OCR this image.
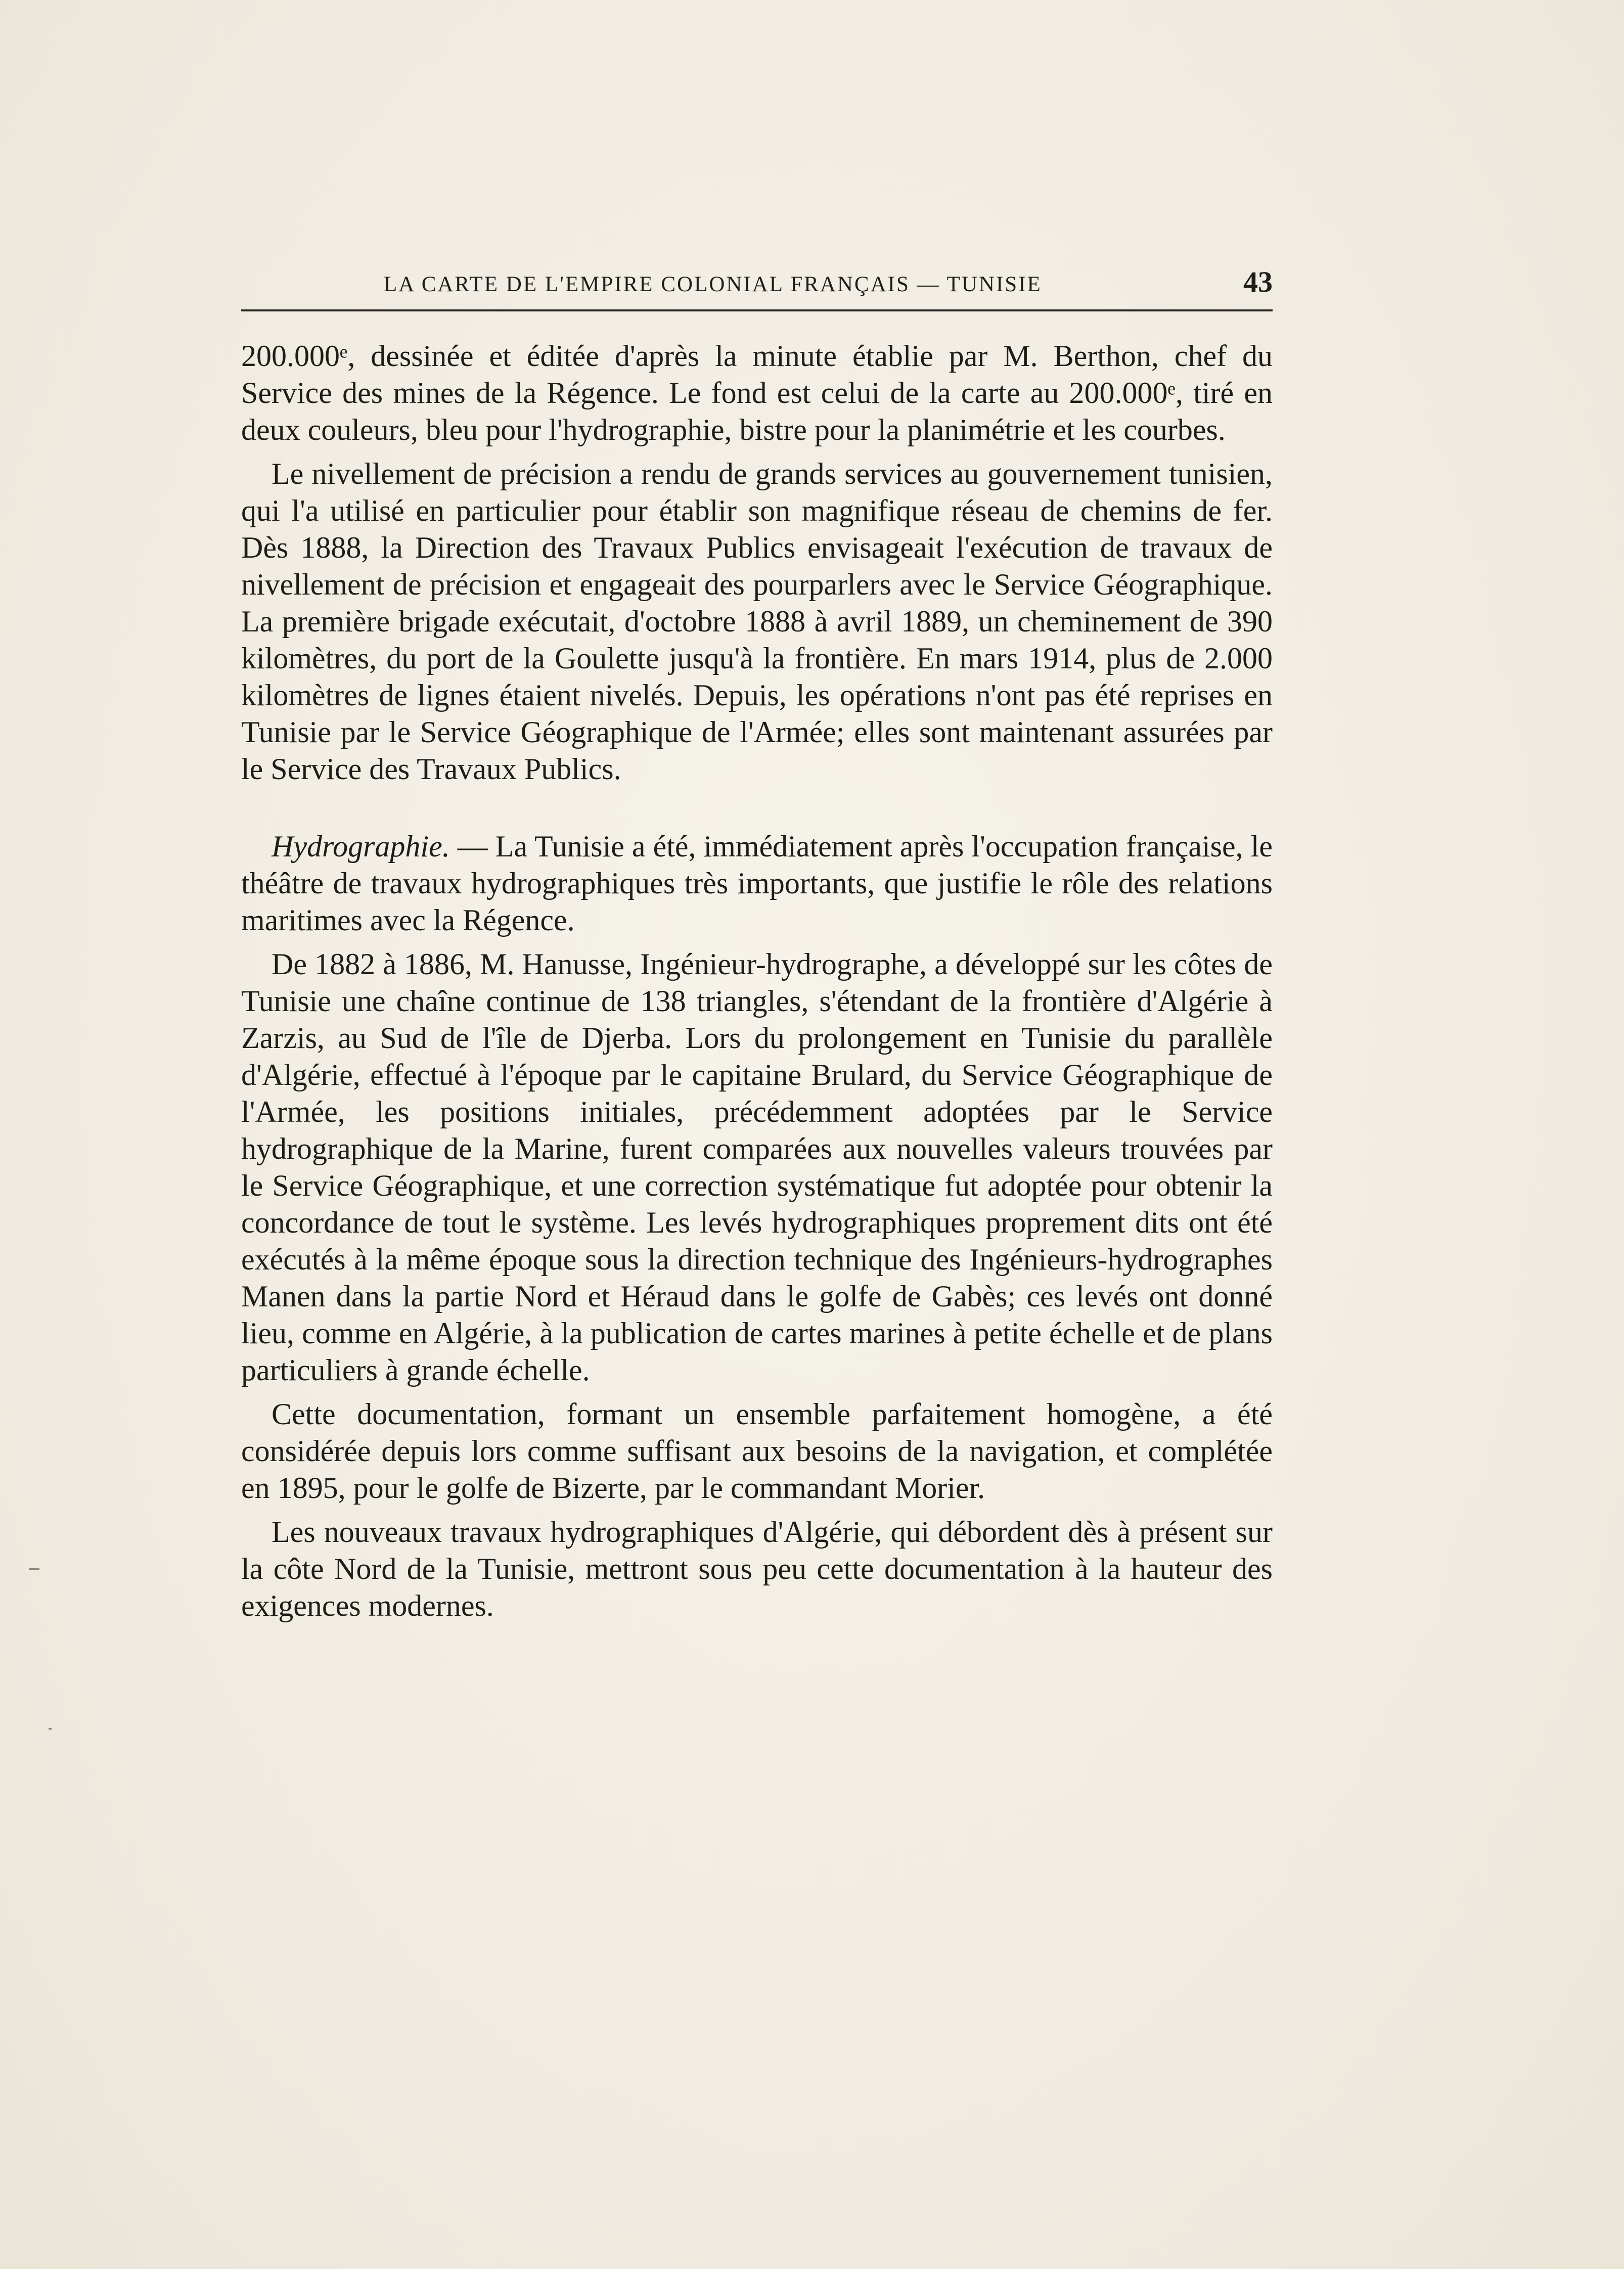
LA CARTE DE L'EMPIRE COLONIAL FRANÇAIS — TUNISIE	43

200.000ᵉ, dessinée et éditée d'après la minute établie par M. Berthon, chef du Service des mines de la Régence. Le fond est celui de la carte au 200.000ᵉ, tiré en deux couleurs, bleu pour l'hydrographie, bistre pour la planimétrie et les courbes.

Le nivellement de précision a rendu de grands services au gouvernement tunisien, qui l'a utilisé en particulier pour établir son magnifique réseau de chemins de fer. Dès 1888, la Direction des Travaux Publics envisageait l'exécution de travaux de nivellement de précision et engageait des pourparlers avec le Service Géographique. La première brigade exécutait, d'octobre 1888 à avril 1889, un cheminement de 390 kilomètres, du port de la Goulette jusqu'à la frontière. En mars 1914, plus de 2.000 kilomètres de lignes étaient nivelés. Depuis, les opérations n'ont pas été reprises en Tunisie par le Service Géographique de l'Armée; elles sont maintenant assurées par le Service des Travaux Publics.

Hydrographie. — La Tunisie a été, immédiatement après l'occupation française, le théâtre de travaux hydrographiques très importants, que justifie le rôle des relations maritimes avec la Régence.

De 1882 à 1886, M. Hanusse, Ingénieur-hydrographe, a développé sur les côtes de Tunisie une chaîne continue de 138 triangles, s'étendant de la frontière d'Algérie à Zarzis, au Sud de l'île de Djerba. Lors du prolongement en Tunisie du parallèle d'Algérie, effectué à l'époque par le capitaine Brulard, du Service Géographique de l'Armée, les positions initiales, précédemment adoptées par le Service hydrographique de la Marine, furent comparées aux nouvelles valeurs trouvées par le Service Géographique, et une correction systématique fut adoptée pour obtenir la concordance de tout le système. Les levés hydrographiques proprement dits ont été exécutés à la même époque sous la direction technique des Ingénieurs-hydrographes Manen dans la partie Nord et Héraud dans le golfe de Gabès; ces levés ont donné lieu, comme en Algérie, à la publication de cartes marines à petite échelle et de plans particuliers à grande échelle.

Cette documentation, formant un ensemble parfaitement homogène, a été considérée depuis lors comme suffisant aux besoins de la navigation, et complétée en 1895, pour le golfe de Bizerte, par le commandant Morier.

Les nouveaux travaux hydrographiques d'Algérie, qui débordent dès à présent sur la côte Nord de la Tunisie, mettront sous peu cette documentation à la hauteur des exigences modernes.
